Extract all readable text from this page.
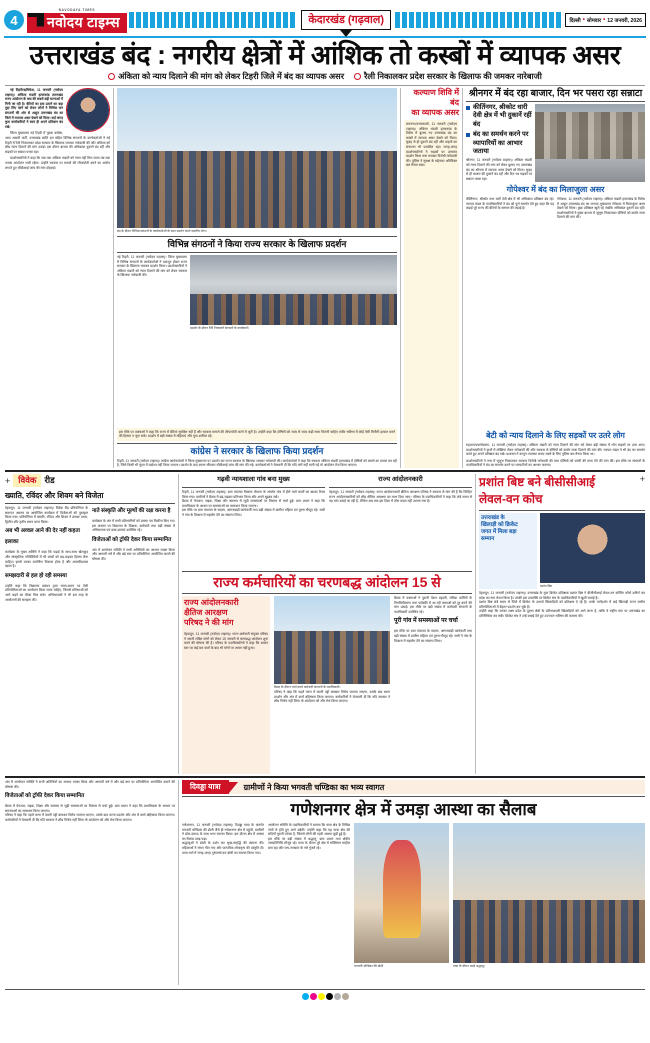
4
NAVODAYA TIMES
नवोदय टाइम्स	केदारखंड (गढ़वाल)	दिल्ली • सोमवार • 12 जनवरी, 2026
उत्तराखंड बंद : नगरीय क्षेत्रों में आंशिक तो कस्बों में व्यापक असर
अंकिता को न्याय दिलाने की मांग को लेकर टिहरी जिले में बंद का व्यापक असर रैली निकालकर प्रदेश सरकार के खिलाफ की जमकर नारेबाजी

नई टिहरी/ऋषिकेश, 11 जनवरी (नवोदय टाइम्स)। अंकिता भंडारी हत्याकांड उत्तराखंड राज्य आंदोलन के बाद की सबसे बड़ी घटनाओं में गिनी जा रही है। बेटियों का हक उठाने का बड़ा मुद्दा लिए जाने को लेकर लोगों ने विभिन्न जन संगठनों की ओर से आहूत उत्तराखंड बंद का जिले में व्यापक असर देखने को मिला। कई जगह कुल कारोबारियों ने स्वयं ही अपने प्रतिष्ठान बंद रखे।

जिला मुख्यालय नई टिहरी में युवक कांग्रेस, आम आदमी पार्टी, उत्तराखंड क्रांति दल सहित विभिन्न संगठनों के कार्यकर्ताओं ने नई टिहरी में रैली निकालकर प्रदेश सरकार के खिलाफ जमकर नारेबाजी की और अंकिता को शीघ्र न्याय दिलाने की मांग उठाई। इस दौरान बाजार की अधिकांश दुकानें बंद रहीं और सड़कों पर सन्नाटा पसरा रहा।

प्रदर्शनकारियों ने कहा कि जब तक अंकिता भंडारी को न्याय नहीं मिल जाता तब तक उनका आंदोलन जारी रहेगा। उन्होंने सरकार पर मामले की लीपापोती करने का आरोप लगाते हुए सीबीआई जांच की मांग दोहराई।

बंद के दौरान विभिन्न संगठनों के कार्यकर्ताओं के साथ प्रदर्शन करते स्थानीय लोग।
विभिन्न संगठनों ने किया राज्य सरकार के खिलाफ प्रदर्शन
नई टिहरी, 11 जनवरी (नवोदय टाइम्स)। जिला मुख्यालय में विभिन्न संगठनों के कार्यकर्ताओं ने एकजुट होकर राज्य सरकार के खिलाफ जमकर प्रदर्शन किया। प्रदर्शनकारियों ने अंकिता भंडारी को न्याय दिलाने की मांग को लेकर सरकार के खिलाफ नारेबाजी की।
प्रदर्शन के दौरान रैली निकालते संगठनों के कार्यकर्ता।
इस मौके पर वक्ताओं ने कहा कि राज्य में बेटियां सुरक्षित नहीं हैं और सरकार मामले की लीपापोती करने में जुटी है। उन्होंने कहा कि दोषियों को जल्द से जल्द कड़ी सजा मिलनी चाहिए ताकि भविष्य में कोई ऐसी घिनौनी हरकत करने की हिम्मत न जुटा सके। प्रदर्शन में बड़ी संख्या में महिलाएं और युवा शामिल रहे।
कांग्रेस ने सरकार के खिलाफ किया प्रदर्शन
टिहरी, 11 जनवरी (नवोदय टाइम्स)। कांग्रेस कार्यकर्ताओं ने जिला मुख्यालय पर प्रदर्शन कर राज्य सरकार के खिलाफ जमकर नारेबाजी की। कार्यकर्ताओं ने कहा कि सरकार अंकिता भंडारी हत्याकांड में दोषियों को बचाने का प्रयास कर रही है, जिसे किसी भी सूरत में बर्दाश्त नहीं किया जाएगा। प्रदर्शन के बाद ज्ञापन सौंपकर सीबीआई जांच की मांग की गई। कार्यकर्ताओं ने चेतावनी दी कि यदि मांगें नहीं मानी गईं तो आंदोलन तेज किया जाएगा।
कल्याण शिवि में बंद
का व्यापक असर
रामनगर/उत्तरकाशी, 11 जनवरी (नवोदय टाइम्स)। अंकिता भंडारी हत्याकांड के विरोध में बुलाए गए उत्तराखंड बंद का कस्बों में व्यापक असर देखने को मिला। सुबह से ही दुकानें बंद रहीं और वाहनों का संचालन भी प्रभावित रहा। जगह-जगह प्रदर्शनकारियों ने सड़कों पर उतरकर प्रदर्शन किया तथा सरकार विरोधी नारेबाजी की। पुलिस ने सुरक्षा के मद्देनजर अतिरिक्त बल तैनात रखा।
श्रीनगर में बंद रहा बाजार, दिन भर पसरा रहा सन्नाटा
कीर्तिनगर, श्रीकोट धारी देवी क्षेत्र में भी दुकानें रहीं बंद
बंद का समर्थन करने पर व्यापारियों का आभार जताया
श्रीनगर, 11 जनवरी (नवोदय टाइम्स)। अंकिता भंडारी को न्याय दिलाने की मांग को लेकर बुलाए गए उत्तराखंड बंद का श्रीनगर में व्यापक असर देखने को मिला। सुबह से ही बाजार की दुकानें बंद रहीं और दिन भर सड़कों पर सन्नाटा पसरा रहा।
गोपेश्वर में बंद का मिलाजुला असर
कीर्तिनगर, श्रीकोट तथा धारी देवी क्षेत्र में भी अधिकांश प्रतिष्ठान बंद रहे। व्यापार मंडल के पदाधिकारियों ने बंद को पूर्ण समर्थन देते हुए कहा कि यह लड़ाई पूरे राज्य की बेटियों के सम्मान की लड़ाई है।
गोपेश्वर, 11 जनवरी (नवोदय टाइम्स)। अंकिता भंडारी हत्याकांड के विरोध में आहूत उत्तराखंड बंद का जनपद मुख्यालय गोपेश्वर में मिलाजुला असर देखने को मिला। कुछ प्रतिष्ठान खुले रहे जबकि अधिकांश दुकानें बंद रहीं। प्रदर्शनकारियों ने मुख्य बाजार में जुलूस निकालकर दोषियों को कठोर सजा दिलाने की मांग की।
बेटी को न्याय दिलाने के लिए सड़कों पर उतरे लोग
रुद्रप्रयाग/कर्णप्रयाग, 11 जनवरी (नवोदय टाइम्स)। अंकिता भंडारी को न्याय दिलाने की मांग को लेकर बड़ी संख्या में लोग सड़कों पर उतर आए। प्रदर्शनकारियों ने हाथों में तख्तियां लेकर नारेबाजी की और सरकार से दोषियों को कठोर सजा दिलाने की मांग की। व्यापार मंडल ने भी बंद का समर्थन करते हुए अपने प्रतिष्ठान बंद रखे। प्रशासन ने कानून व्यवस्था बनाए रखने के लिए पुलिस बल तैनात किया था।
प्रदर्शनकारियों ने नगर में जुलूस निकालकर सरकार विरोधी नारेबाजी की तथा दोषियों को फांसी की सजा देने की मांग की। इस मौके पर संगठनों के पदाधिकारियों ने बंद का समर्थन करने पर व्यापारियों का आभार जताया।
+ विवेक रीड
ख्याति, रविंदर और शिवम बने विजेता
देहरादून, 11 जनवरी (नवोदय टाइम्स)। विवेक रीड प्रतियोगिता के समापन अवसर पर आयोजित कार्यक्रम में विजेताओं को पुरस्कृत किया गया। प्रतियोगिता में ख्याति, रविंदर और शिवम ने क्रमशः प्रथम, द्वितीय और तृतीय स्थान प्राप्त किया।
अब भी अव्वल आने की देर नहीं कहता इलाका
कार्यक्रम के मुख्य अतिथि ने कहा कि पढ़ाई के साथ-साथ खेलकूद और सांस्कृतिक गतिविधियों में भी बच्चों को बढ़-चढ़कर हिस्सा लेना चाहिए। इससे उनका सर्वांगीण विकास होता है और आत्मविश्वास बढ़ता है।
समझदारी से हल हो रही समस्या
उन्होंने कहा कि विद्यालय प्रबंधन द्वारा समय-समय पर ऐसी प्रतियोगिताओं का आयोजन किया जाना चाहिए, जिससे प्रतिभाओं को आगे बढ़ने का मौका मिल सके। अभिभावकों ने भी इस तरह के आयोजनों की सराहना की।
नाते संस्कृति और मूल्यों की रक्षा करना है
कार्यक्रम के अंत में सभी प्रतिभागियों को प्रमाण पत्र वितरित किए गए। इस अवसर पर विद्यालय के शिक्षक, कर्मचारी तथा बड़ी संख्या में अभिभावक एवं छात्र-छात्राएं उपस्थित रहे।
विजेताओं को ट्रॉफी देकर किया सम्मानित
अंत में आयोजन समिति ने सभी अतिथियों का आभार व्यक्त किया और आगामी वर्ष में और बड़े स्तर पर प्रतियोगिता आयोजित कराने की घोषणा की।
गढ़वी न्यायशाला गांव बना मुख्य
टिहरी, 11 जनवरी (नवोदय टाइम्स)। ग्राम पंचायत विकास योजना के अंतर्गत गांव में होने वाले कार्यों का खाका तैयार किया गया। ग्रामीणों ने बैठक में बढ़-चढ़कर प्रतिभाग किया और अपने सुझाव रखे।
बैठक में पेयजल, सड़क, शिक्षा और स्वास्थ्य से जुड़ी समस्याओं पर विस्तार से चर्चा हुई। ग्राम प्रधान ने कहा कि प्राथमिकता के आधार पर समस्याओं का समाधान किया जाएगा।
इस मौके पर ग्राम पंचायत के सदस्य, आंगनबाड़ी कार्यकर्ती तथा बड़ी संख्या में ग्रामीण महिला एवं पुरुष मौजूद रहे। सभी ने गांव के विकास में सहयोग देने का संकल्प लिया।
राज्य आंदोलनकारी
देहरादून, 11 जनवरी (नवोदय टाइम्स)। राज्य आंदोलनकारी क्षैतिज आरक्षण परिषद ने सरकार से मांग की है कि चिन्हित राज्य आंदोलनकारियों को शीघ्र क्षैतिज आरक्षण का लाभ दिया जाए। परिषद के पदाधिकारियों ने कहा कि लंबे समय से यह मांग उठाई जा रही है, लेकिन अब तक इस दिशा में ठोस कदम नहीं उठाया गया है।
राज्य कर्मचारियों का चरणबद्ध आंदोलन 15 से
राज्य आंदोलनकारी
क्षैतिज आरक्षण
परिषद ने की मांग
देहरादून, 11 जनवरी (नवोदय टाइम्स)। राज्य कर्मचारी संयुक्त परिषद ने अपनी लंबित मांगों को लेकर 15 जनवरी से चरणबद्ध आंदोलन शुरू करने की घोषणा की है। परिषद के पदाधिकारियों ने कहा कि शासन स्तर पर कई बार वार्ता के बाद भी मांगों पर अमल नहीं हुआ।
बैठक के दौरान चर्चा करते कर्मचारी संगठनों के पदाधिकारी।
परिषद ने कहा कि पहले चरण में काली पट्टी बांधकर विरोध जताया जाएगा, उसके बाद धरना प्रदर्शन और अंत में कार्य बहिष्कार किया जाएगा। कर्मचारियों ने चेतावनी दी कि यदि सरकार ने शीघ्र निर्णय नहीं लिया तो आंदोलन को और तेज किया जाएगा।
बैठक में वक्ताओं ने पुरानी पेंशन बहाली, संविदा कर्मियों के नियमितीकरण तथा पदोन्नति में आ रही बाधाओं को दूर करने की मांग उठाई। इस मौके पर बड़ी संख्या में कर्मचारी संगठनों के पदाधिकारी उपस्थित रहे।
पूरी गांव में समस्याओं पर चर्चा
इस मौके पर ग्राम पंचायत के सदस्य, आंगनबाड़ी कार्यकर्ती तथा बड़ी संख्या में ग्रामीण महिला एवं पुरुष मौजूद रहे। सभी ने गांव के विकास में सहयोग देने का संकल्प लिया।
प्रशांत बिष्ट बने बीसीसीआई
लेवल-वन कोच
+
उत्तराखंड के
खिलाड़ी को क्रिकेट
जगत में मिला बड़ा
सम्मान
प्रशांत बिष्ट
देहरादून, 11 जनवरी (नवोदय टाइम्स)। उत्तराखंड के युवा क्रिकेट प्रशिक्षक प्रशांत बिष्ट ने बीसीसीआई लेवल-वन कोचिंग कोर्स उत्तीर्ण कर प्रदेश का नाम रोशन किया है। उनकी इस उपलब्धि पर क्रिकेट संघ के पदाधिकारियों ने खुशी जताई है।
प्रशांत बिष्ट लंबे समय से जिले में क्रिकेट के उभरते खिलाड़ियों को प्रशिक्षण दे रहे हैं। उनके मार्गदर्शन में कई खिलाड़ी राज्य स्तरीय प्रतियोगिताओं में बेहतर प्रदर्शन कर चुके हैं।
उन्होंने कहा कि उनका लक्ष्य प्रदेश के दूरस्थ क्षेत्रों के प्रतिभाशाली खिलाड़ियों को आगे लाना है, ताकि वे राष्ट्रीय स्तर पर उत्तराखंड का प्रतिनिधित्व कर सकें। क्रिकेट संघ ने उन्हें बधाई देते हुए उज्ज्वल भविष्य की कामना की।
अंत में आयोजन समिति ने सभी अतिथियों का आभार व्यक्त किया और आगामी वर्ष में और बड़े स्तर पर प्रतियोगिता आयोजित कराने की घोषणा की।
विजेताओं को ट्रॉफी देकर किया सम्मानित
बैठक में पेयजल, सड़क, शिक्षा और स्वास्थ्य से जुड़ी समस्याओं पर विस्तार से चर्चा हुई। ग्राम प्रधान ने कहा कि प्राथमिकता के आधार पर समस्याओं का समाधान किया जाएगा।
परिषद ने कहा कि पहले चरण में काली पट्टी बांधकर विरोध जताया जाएगा, उसके बाद धरना प्रदर्शन और अंत में कार्य बहिष्कार किया जाएगा। कर्मचारियों ने चेतावनी दी कि यदि सरकार ने शीघ्र निर्णय नहीं लिया तो आंदोलन को और तेज किया जाएगा।
दिवड्डा यात्रा	ग्रामीणों ने किया भगवती चण्डिका का भव्य स्वागत
गणेशनगर क्षेत्र में उमड़ा आस्था का सैलाब
गणेशनगर, 11 जनवरी (नवोदय टाइम्स)। दिवड्डा यात्रा के अंतर्गत भगवती चण्डिका की डोली जैसे ही गणेशनगर क्षेत्र में पहुंची, ग्रामीणों ने ढोल-दमाऊ के साथ भव्य स्वागत किया। इस दौरान क्षेत्र में आस्था का सैलाब उमड़ पड़ा।
श्रद्धालुओं ने डोली के दर्शन कर सुख-समृद्धि की कामना की। महिलाओं ने मंगल गीत गाए और पारंपरिक लोकनृत्य की प्रस्तुति दी। यात्रा मार्ग में जगह-जगह पुष्पवर्षा कर डोली का स्वागत किया गया।
आयोजन समिति के पदाधिकारियों ने बताया कि यात्रा क्षेत्र के विभिन्न गांवों से होते हुए आगे बढ़ेगी। उन्होंने कहा कि यह यात्रा क्षेत्र की सदियों पुरानी परंपरा है, जिससे लोगों की गहरी आस्था जुड़ी हुई है।
इस मौके पर बड़ी संख्या में श्रद्धालु, ग्राम प्रधान तथा क्षेत्रीय जनप्रतिनिधि मौजूद रहे। यात्रा के दौरान पूरे क्षेत्र में भक्तिमय माहौल बना रहा और जय-जयकार के नारे गूंजते रहे।
भगवती चण्डिका की डोली	यात्रा के दौरान उमड़े श्रद्धालु।
